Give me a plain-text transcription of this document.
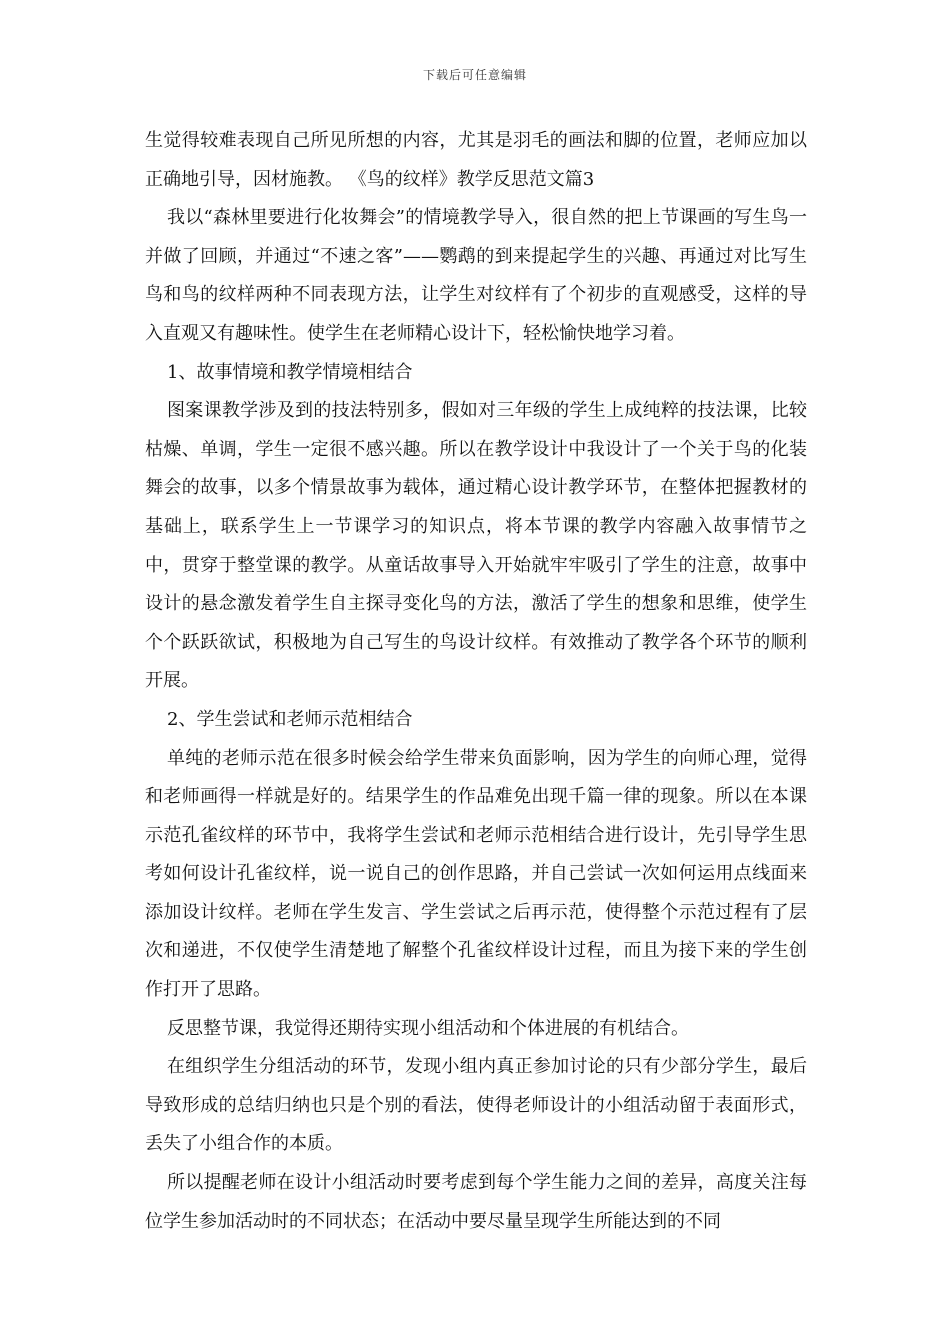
下载后可任意编辑

生觉得较难表现自己所见所想的内容，尤其是羽毛的画法和脚的位置，老师应加以正确地引导，因材施教。 《鸟的纹样》教学反思范文篇3

我以“森林里要进行化妆舞会”的情境教学导入，很自然的把上节课画的写生鸟一并做了回顾，并通过“不速之客”——鹦鹉的到来提起学生的兴趣、再通过对比写生鸟和鸟的纹样两种不同表现方法，让学生对纹样有了个初步的直观感受，这样的导入直观又有趣味性。使学生在老师精心设计下，轻松愉快地学习着。

1、故事情境和教学情境相结合

图案课教学涉及到的技法特别多，假如对三年级的学生上成纯粹的技法课，比较枯燥、单调，学生一定很不感兴趣。所以在教学设计中我设计了一个关于鸟的化装舞会的故事，以多个情景故事为载体，通过精心设计教学环节，在整体把握教材的基础上，联系学生上一节课学习的知识点，将本节课的教学内容融入故事情节之中，贯穿于整堂课的教学。从童话故事导入开始就牢牢吸引了学生的注意，故事中设计的悬念激发着学生自主探寻变化鸟的方法，激活了学生的想象和思维，使学生个个跃跃欲试，积极地为自己写生的鸟设计纹样。有效推动了教学各个环节的顺利开展。

2、学生尝试和老师示范相结合

单纯的老师示范在很多时候会给学生带来负面影响，因为学生的向师心理，觉得和老师画得一样就是好的。结果学生的作品难免出现千篇一律的现象。所以在本课示范孔雀纹样的环节中，我将学生尝试和老师示范相结合进行设计，先引导学生思考如何设计孔雀纹样，说一说自己的创作思路，并自己尝试一次如何运用点线面来添加设计纹样。老师在学生发言、学生尝试之后再示范，使得整个示范过程有了层次和递进，不仅使学生清楚地了解整个孔雀纹样设计过程，而且为接下来的学生创作打开了思路。

反思整节课，我觉得还期待实现小组活动和个体进展的有机结合。

在组织学生分组活动的环节，发现小组内真正参加讨论的只有少部分学生，最后导致形成的总结归纳也只是个别的看法，使得老师设计的小组活动留于表面形式，丢失了小组合作的本质。

所以提醒老师在设计小组活动时要考虑到每个学生能力之间的差异，高度关注每位学生参加活动时的不同状态；在活动中要尽量呈现学生所能达到的不同
